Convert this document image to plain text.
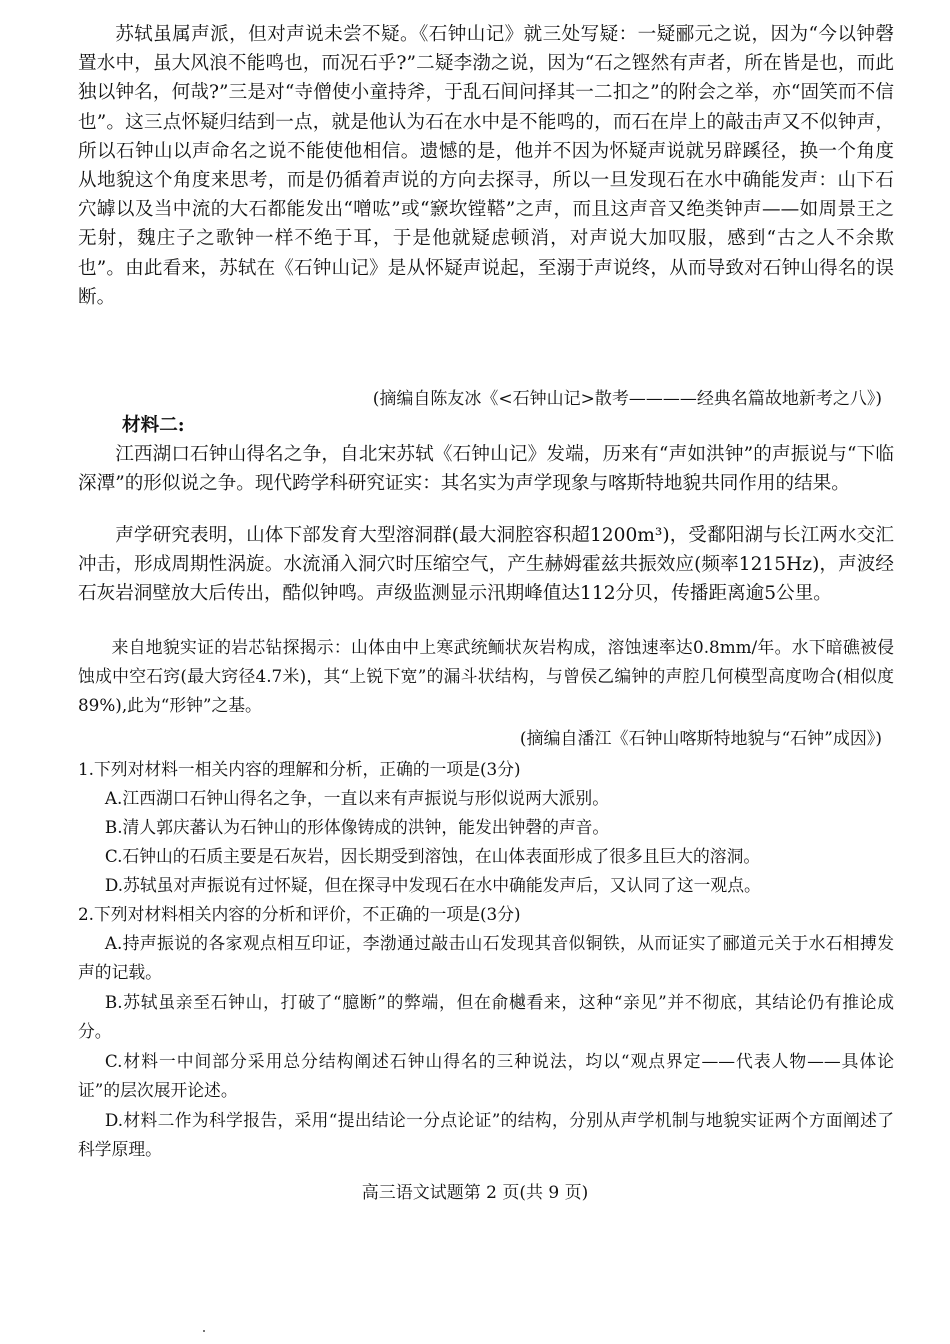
苏轼虽属声派，但对声说未尝不疑。《石钟山记》就三处写疑：一疑郦元之说，因为“今以钟磬置水中，虽大风浪不能鸣也，而况石乎?”二疑李渤之说，因为“石之铿然有声者，所在皆是也，而此独以钟名，何哉?”三是对“寺僧使小童持斧，于乱石间问择其一二扣之”的附会之举，亦“固笑而不信也”。这三点怀疑归结到一点，就是他认为石在水中是不能鸣的，而石在岸上的敲击声又不似钟声，所以石钟山以声命名之说不能使他相信。遗憾的是，他并不因为怀疑声说就另辟蹊径，换一个角度从地貌这个角度来思考，而是仍循着声说的方向去探寻，所以一旦发现石在水中确能发声：山下石穴罅以及当中流的大石都能发出“噌吰”或“窾坎镗鞳”之声，而且这声音又绝类钟声——如周景王之无射，魏庄子之歌钟一样不绝于耳，于是他就疑虑顿消，对声说大加叹服，感到“古之人不余欺也”。由此看来，苏轼在《石钟山记》是从怀疑声说起，至溺于声说终，从而导致对石钟山得名的误断。

(摘编自陈友冰《<石钟山记>散考————经典名篇故地新考之八》)
材料二:

江西湖口石钟山得名之争，自北宋苏轼《石钟山记》发端，历来有“声如洪钟”的声振说与“下临深潭”的形似说之争。现代跨学科研究证实：其名实为声学现象与喀斯特地貌共同作用的结果。

声学研究表明，山体下部发育大型溶洞群(最大洞腔容积超1200m³)，受鄱阳湖与长江两水交汇冲击，形成周期性涡旋。水流涌入洞穴时压缩空气，产生赫姆霍兹共振效应(频率1215Hz)，声波经石灰岩洞壁放大后传出，酷似钟鸣。声级监测显示汛期峰值达112分贝，传播距离逾5公里。

来自地貌实证的岩芯钻探揭示：山体由中上寒武统鲕状灰岩构成，溶蚀速率达0.8mm/年。水下暗礁被侵蚀成中空石窍(最大窍径4.7米)，其“上锐下宽”的漏斗状结构，与曾侯乙编钟的声腔几何模型高度吻合(相似度89%),此为“形钟”之基。

(摘编自潘江《石钟山喀斯特地貌与“石钟”成因》)

1.下列对材料一相关内容的理解和分析，正确的一项是(3分)

A.江西湖口石钟山得名之争，一直以来有声振说与形似说两大派别。

B.清人郭庆蕃认为石钟山的形体像铸成的洪钟，能发出钟磬的声音。

C.石钟山的石质主要是石灰岩，因长期受到溶蚀，在山体表面形成了很多且巨大的溶洞。

D.苏轼虽对声振说有过怀疑，但在探寻中发现石在水中确能发声后，又认同了这一观点。

2.下列对材料相关内容的分析和评价，不正确的一项是(3分)

A.持声振说的各家观点相互印证，李渤通过敲击山石发现其音似铜铁，从而证实了郦道元关于水石相搏发声的记载。

B.苏轼虽亲至石钟山，打破了“臆断”的弊端，但在俞樾看来，这种“亲见”并不彻底，其结论仍有推论成分。

C.材料一中间部分采用总分结构阐述石钟山得名的三种说法，均以“观点界定——代表人物——具体论证”的层次展开论述。

D.材料二作为科学报告，采用“提出结论一分点论证”的结构，分别从声学机制与地貌实证两个方面阐述了科学原理。

高三语文试题第 2 页(共 9 页)
